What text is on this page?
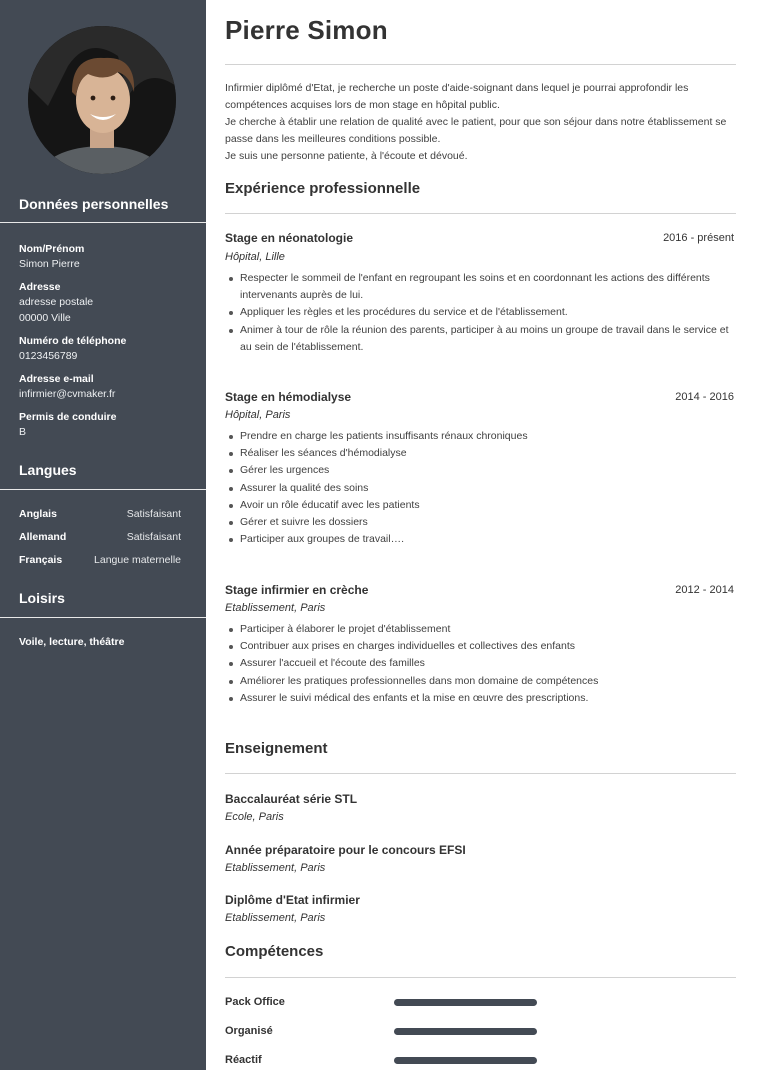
Données personnelles
Nom/Prénom
Simon Pierre
Adresse
adresse postale
00000 Ville
Numéro de téléphone
0123456789
Adresse e-mail
infirmier@cvmaker.fr
Permis de conduire
B
Langues
Anglais	Satisfaisant
Allemand	Satisfaisant
Français	Langue maternelle
Loisirs
Voile, lecture, théâtre
Pierre Simon
Infirmier diplômé d'Etat, je recherche un poste d'aide-soignant dans lequel je pourrai approfondir les compétences acquises lors de mon stage en hôpital public.
Je cherche à établir une relation de qualité avec le patient, pour que son séjour dans notre établissement se passe dans les meilleures conditions possible.
Je suis une personne patiente, à l'écoute et dévoué.
Expérience professionnelle
Stage en néonatologie	2016 - présent
Hôpital, Lille
Respecter le sommeil de l'enfant en regroupant les soins et en coordonnant les actions des différents intervenants auprès de lui.
Appliquer les règles et les procédures du service et de l'établissement.
Animer à tour de rôle la réunion des parents, participer à au moins un groupe de travail dans le service et au sein de l'établissement.
Stage en hémodialyse	2014 - 2016
Hôpital, Paris
Prendre en charge les patients insuffisants rénaux chroniques
Réaliser les séances d'hémodialyse
Gérer les urgences
Assurer la qualité des soins
Avoir un rôle éducatif avec les patients
Gérer et suivre les dossiers
Participer aux groupes de travail….
Stage infirmier en crèche	2012 - 2014
Etablissement, Paris
Participer à élaborer le projet d'établissement
Contribuer aux prises en charges individuelles et collectives des enfants
Assurer l'accueil et l'écoute des familles
Améliorer les pratiques professionnelles dans mon domaine de compétences
Assurer le suivi médical des enfants et la mise en œuvre des prescriptions.
Enseignement
Baccalauréat série STL
Ecole, Paris
Année préparatoire pour le concours EFSI
Etablissement, Paris
Diplôme d'Etat infirmier
Etablissement, Paris
Compétences
Pack Office
Organisé
Réactif
